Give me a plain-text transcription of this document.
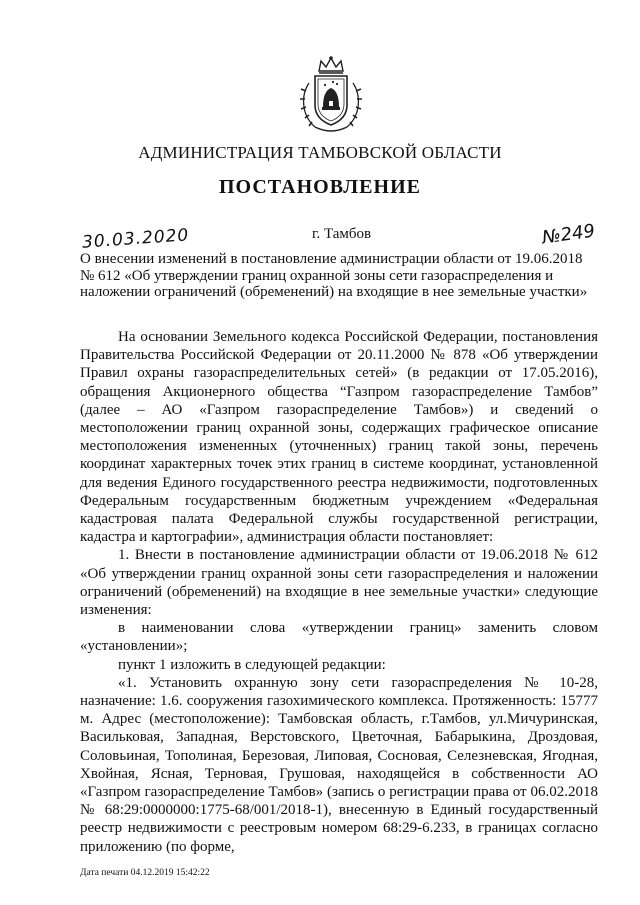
АДМИНИСТРАЦИЯ ТАМБОВСКОЙ ОБЛАСТИ
ПОСТАНОВЛЕНИЕ
30.03.2020	г. Тамбов	№249
О внесении изменений в постановление администрации области от 19.06.2018 № 612 «Об утверждении границ охранной зоны сети газораспределения и наложении ограничений (обременений) на входящие в нее земельные участки»

На основании Земельного кодекса Российской Федерации, постановления Правительства Российской Федерации от 20.11.2000 № 878 «Об утверждении Правил охраны газораспределительных сетей» (в редакции от 17.05.2016), обращения Акционерного общества “Газпром газораспределение Тамбов” (далее – АО «Газпром газораспределение Тамбов») и сведений о местоположении границ охранной зоны, содержащих графическое описание местоположения измененных (уточненных) границ такой зоны, перечень координат характерных точек этих границ в системе координат, установленной для ведения Единого государственного реестра недвижимости, подготовленных Федеральным государственным бюджетным учреждением «Федеральная кадастровая палата Федеральной службы государственной регистрации, кадастра и картографии», администрация области постановляет:

1. Внести в постановление администрации области от 19.06.2018 № 612 «Об утверждении границ охранной зоны сети газораспределения и наложении ограничений (обременений) на входящие в нее земельные участки» следующие изменения:

в наименовании слова «утверждении границ» заменить словом «установлении»;

пункт 1 изложить в следующей редакции:

«1. Установить охранную зону сети газораспределения № 10-28, назначение: 1.6. сооружения газохимического комплекса. Протяженность: 15777 м. Адрес (местоположение): Тамбовская область, г.Тамбов, ул.Мичуринская, Васильковая, Западная, Верстовского, Цветочная, Бабарыкина, Дроздовая, Соловьиная, Тополиная, Березовая, Липовая, Сосновая, Селезневская, Ягодная, Хвойная, Ясная, Терновая, Грушовая, находящейся в собственности АО «Газпром газораспределение Тамбов» (запись о регистрации права от 06.02.2018 № 68:29:0000000:1775-68/001/2018-1), внесенную в Единый государственный реестр недвижимости с реестровым номером 68:29-6.233, в границах согласно приложению (по форме,

Дата печати 04.12.2019 15:42:22
